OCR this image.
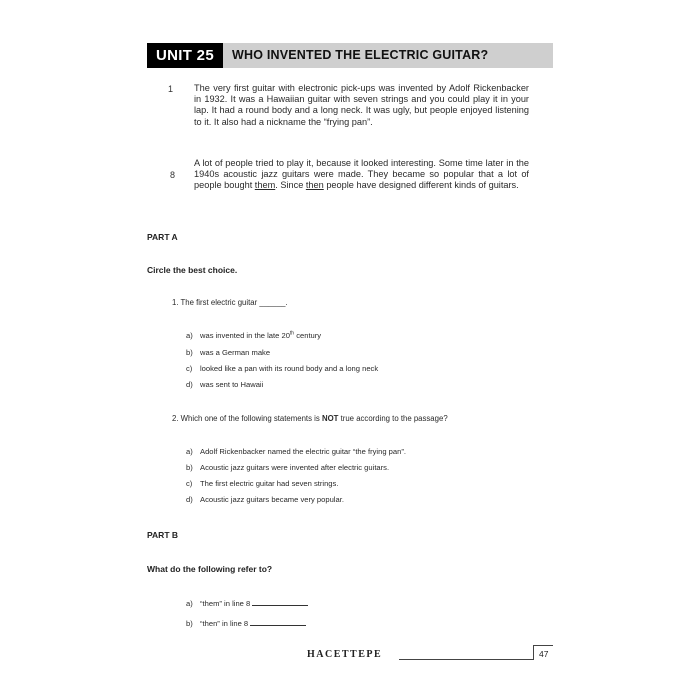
UNIT 25	WHO INVENTED THE ELECTRIC GUITAR?
1 The very first guitar with electronic pick-ups was invented by Adolf Rickenbacker in 1932. It was a Hawaiian guitar with seven strings and you could play it in your lap. It had a round body and a long neck. It was ugly, but people enjoyed listening to it. It also had a nickname the “frying pan”.

8

A lot of people tried to play it, because it looked interesting. Some time later in the 1940s acoustic jazz guitars were made. They became so popular that a lot of people bought them. Since then people have designed different kinds of guitars.

PART A
Circle the best choice.
1. The first electric guitar ______.
a) was invented in the late 20th century
b) was a German make
c) looked like a pan with its round body and a long neck
d) was sent to Hawaii
2. Which one of the following statements is NOT true according to the passage?
a) Adolf Rickenbacker named the electric guitar “the frying pan”.
b) Acoustic jazz guitars were invented after electric guitars.
c) The first electric guitar had seven strings.
d) Acoustic jazz guitars became very popular.
PART B
What do the following refer to?
a) “them” in line 8
b) “then” in line 8
HACETTEPE	47
